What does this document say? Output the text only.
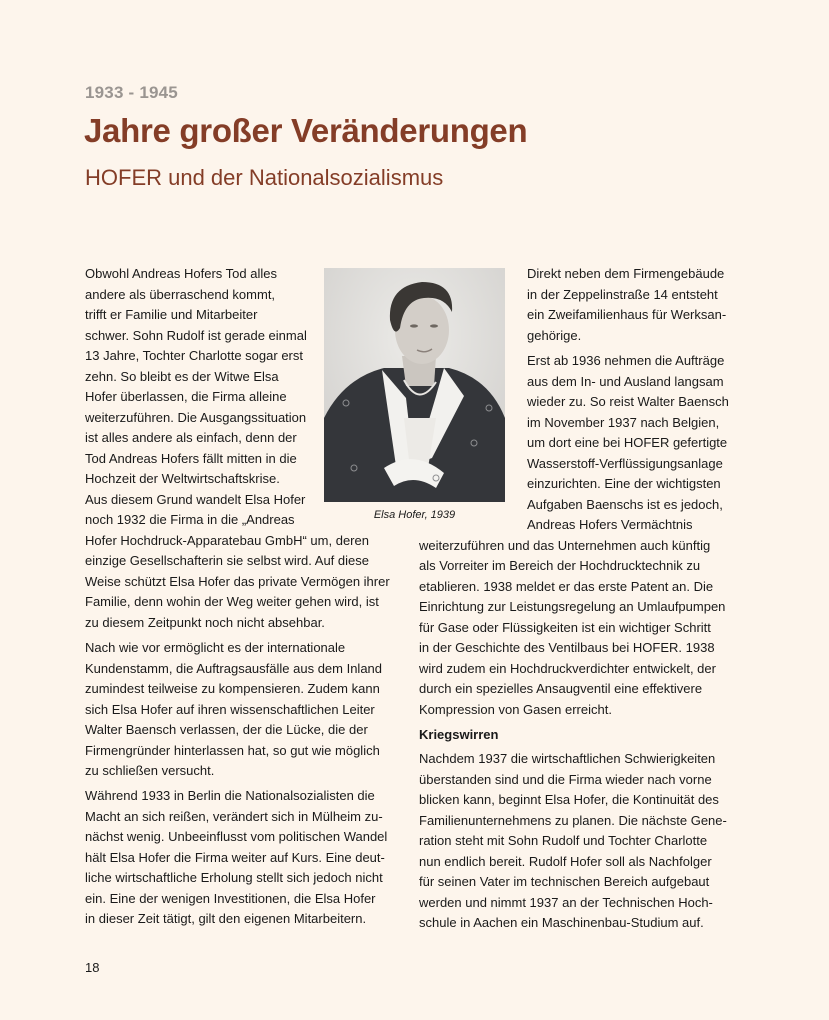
1933 - 1945
Jahre großer Veränderungen
HOFER und der Nationalsozialismus
Obwohl Andreas Hofers Tod alles
andere als überraschend kommt,
trifft er Familie und Mitarbeiter
schwer. Sohn Rudolf ist gerade einmal
13 Jahre, Tochter Charlotte sogar erst
zehn. So bleibt es der Witwe Elsa
Hofer überlassen, die Firma alleine
weiterzuführen. Die Ausgangssituation
ist alles andere als einfach, denn der
Tod Andreas Hofers fällt mitten in die
Hochzeit der Weltwirtschaftskrise.
Aus diesem Grund wandelt Elsa Hofer
noch 1932 die Firma in die „Andreas
Hofer Hochdruck-Apparatebau GmbH“ um, deren
einzige Gesellschafterin sie selbst wird. Auf diese
Weise schützt Elsa Hofer das private Vermögen ihrer
Familie, denn wohin der Weg weiter gehen wird, ist
zu diesem Zeitpunkt noch nicht absehbar.
Nach wie vor ermöglicht es der internationale
Kundenstamm, die Auftragsausfälle aus dem Inland
zumindest teilweise zu kompensieren. Zudem kann
sich Elsa Hofer auf ihren wissenschaftlichen Leiter
Walter Baensch verlassen, der die Lücke, die der
Firmengründer hinterlassen hat, so gut wie möglich
zu schließen versucht.
Während 1933 in Berlin die Nationalsozialisten die
Macht an sich reißen, verändert sich in Mülheim zu-
nächst wenig. Unbeeinflusst vom politischen Wandel
hält Elsa Hofer die Firma weiter auf Kurs. Eine deut-
liche wirtschaftliche Erholung stellt sich jedoch nicht
ein. Eine der wenigen Investitionen, die Elsa Hofer
in dieser Zeit tätigt, gilt den eigenen Mitarbeitern.
Direkt neben dem Firmengebäude
in der Zeppelinstraße 14 entsteht
ein Zweifamilienhaus für Werksan-
gehörige.
Erst ab 1936 nehmen die Aufträge
aus dem In- und Ausland langsam
wieder zu. So reist Walter Baensch
im November 1937 nach Belgien,
um dort eine bei HOFER gefertigte
Wasserstoff-Verflüssigungsanlage
einzurichten. Eine der wichtigsten
Aufgaben Baenschs ist es jedoch,
Andreas Hofers Vermächtnis
weiterzuführen und das Unternehmen auch künftig
als Vorreiter im Bereich der Hochdrucktechnik zu
etablieren. 1938 meldet er das erste Patent an. Die
Einrichtung zur Leistungsregelung an Umlaufpumpen
für Gase oder Flüssigkeiten ist ein wichtiger Schritt
in der Geschichte des Ventilbaus bei HOFER. 1938
wird zudem ein Hochdruckverdichter entwickelt, der
durch ein spezielles Ansaugventil eine effektivere
Kompression von Gasen erreicht.
Kriegswirren
Nachdem 1937 die wirtschaftlichen Schwierigkeiten
überstanden sind und die Firma wieder nach vorne
blicken kann, beginnt Elsa Hofer, die Kontinuität des
Familienunternehmens zu planen. Die nächste Gene-
ration steht mit Sohn Rudolf und Tochter Charlotte
nun endlich bereit. Rudolf Hofer soll als Nachfolger
für seinen Vater im technischen Bereich aufgebaut
werden und nimmt 1937 an der Technischen Hoch-
schule in Aachen ein Maschinenbau-Studium auf.
Elsa Hofer, 1939
18
